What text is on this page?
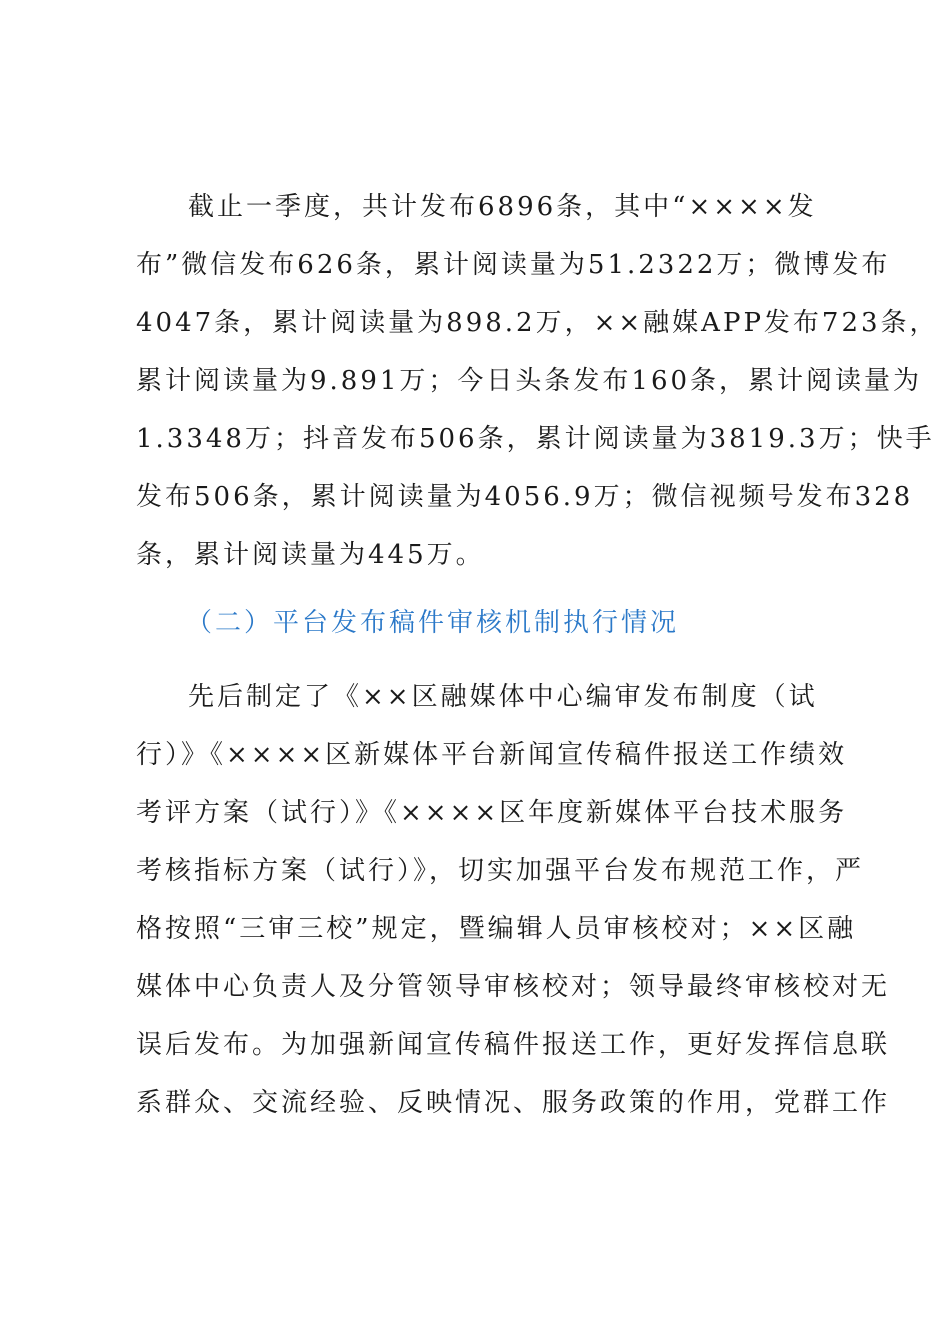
截止一季度，共计发布6896条，其中“××××发
布”微信发布626条，累计阅读量为51.2322万；微博发布
4047条，累计阅读量为898.2万，××融媒APP发布723条，
累计阅读量为9.891万；今日头条发布160条，累计阅读量为
1.3348万；抖音发布506条，累计阅读量为3819.3万；快手
发布506条，累计阅读量为4056.9万；微信视频号发布328
条，累计阅读量为445万。
（二）平台发布稿件审核机制执行情况
先后制定了《××区融媒体中心编审发布制度（试
行）》《××××区新媒体平台新闻宣传稿件报送工作绩效
考评方案（试行）》《××××区年度新媒体平台技术服务
考核指标方案（试行）》，切实加强平台发布规范工作，严
格按照“三审三校”规定，暨编辑人员审核校对；××区融
媒体中心负责人及分管领导审核校对；领导最终审核校对无
误后发布。为加强新闻宣传稿件报送工作，更好发挥信息联
系群众、交流经验、反映情况、服务政策的作用，党群工作
